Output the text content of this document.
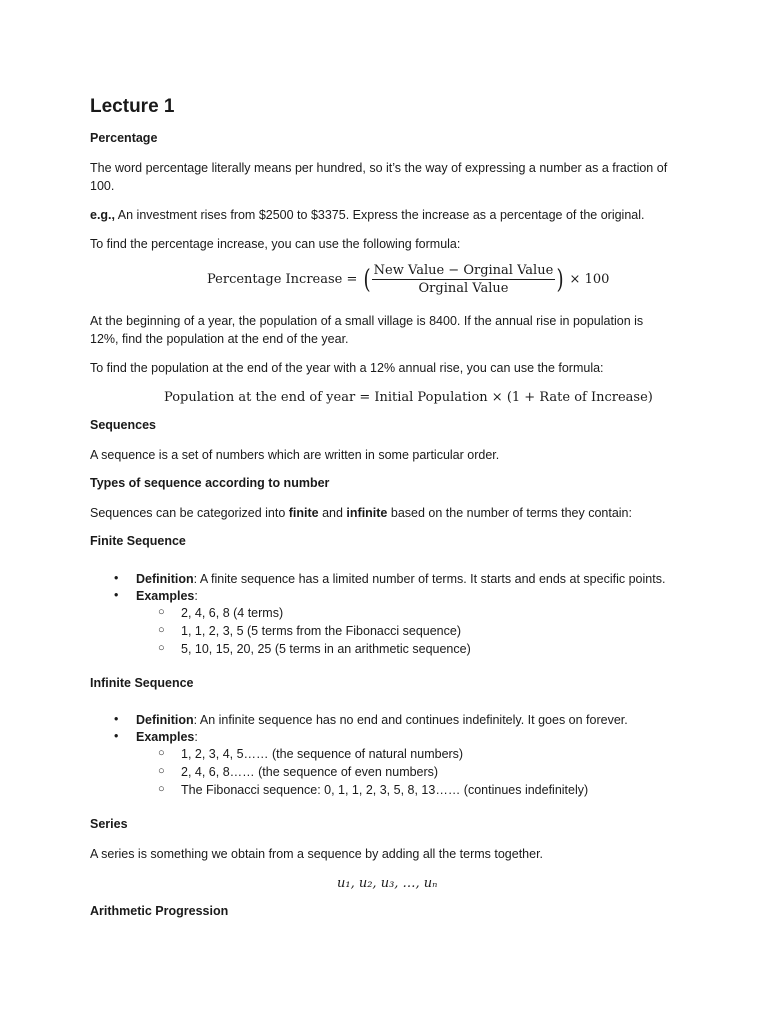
Lecture 1
Percentage
The word percentage literally means per hundred, so it’s the way of expressing a number as a fraction of
100.
e.g., An investment rises from $2500 to $3375. Express the increase as a percentage of the original.
To find the percentage increase, you can use the following formula:
Percentage Increase = ( $\frac{\text{New Value − Orginal Value}}{\text{Orginal Value}}$ ) × 100
At the beginning of a year, the population of a small village is 8400. If the annual rise in population is
12%, find the population at the end of the year.
To find the population at the end of the year with a 12% annual rise, you can use the formula:
Population at the end of year = Initial Population × (1 + Rate of Increase)
Sequences
A sequence is a set of numbers which are written in some particular order.
Types of sequence according to number
Sequences can be categorized into finite and infinite based on the number of terms they contain:
Finite Sequence
• Definition: A finite sequence has a limited number of terms. It starts and ends at specific points.
• Examples:
○ 2, 4, 6, 8 (4 terms)
○ 1, 1, 2, 3, 5 (5 terms from the Fibonacci sequence)
○ 5, 10, 15, 20, 25 (5 terms in an arithmetic sequence)
Infinite Sequence
• Definition: An infinite sequence has no end and continues indefinitely. It goes on forever.
• Examples:
○ 1, 2, 3, 4, 5…… (the sequence of natural numbers)
○ 2, 4, 6, 8…… (the sequence of even numbers)
○ The Fibonacci sequence: 0, 1, 1, 2, 3, 5, 8, 13…… (continues indefinitely)
Series
A series is something we obtain from a sequence by adding all the terms together.
u₁, u₂, u₃, …, uₙ
Arithmetic Progression
